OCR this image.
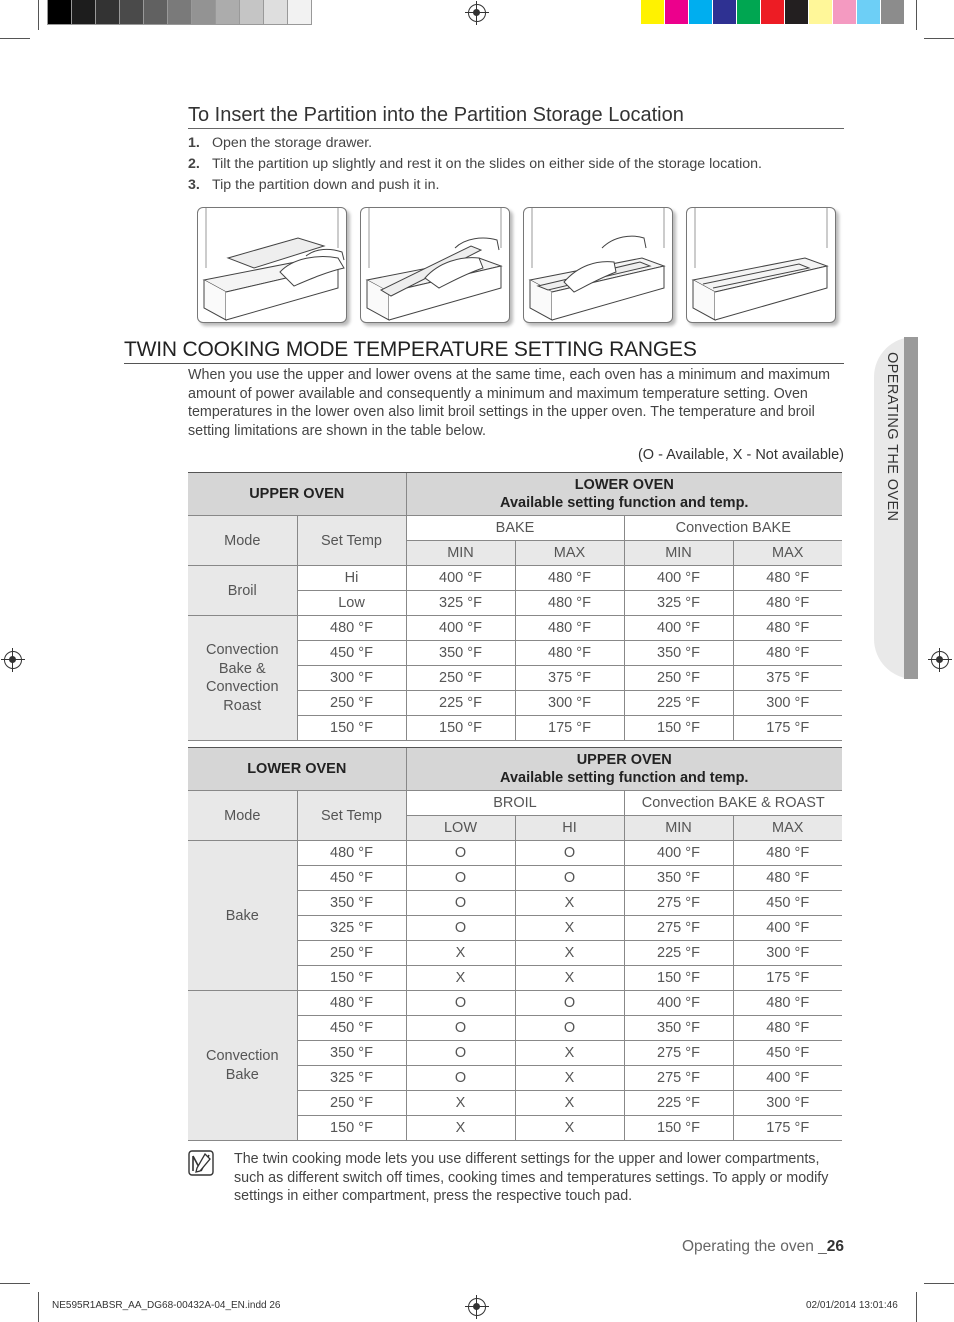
To Insert the Partition into the Partition Storage Location
1. Open the storage drawer.
2. Tilt the partition up slightly and rest it on the slides on either side of the storage location.
3. Tip the partition down and push it in.
TWIN COOKING MODE TEMPERATURE SETTING RANGES

When you use the upper and lower ovens at the same time, each oven has a minimum and maximum amount of power available and consequently a minimum and maximum temperature setting. Oven temperatures in the lower oven also limit broil settings in the upper oven. The temperature and broil setting limitations are shown in the table below.

(O - Available, X - Not available)
UPPER OVEN		LOWER OVEN
Available setting function and temp.			

Mode	Set Temp	BAKE		Convection BAKE	
		MIN	MAX	MIN	MAX
Broil	Hi	400 °F	480 °F	400 °F	480 °F
	Low	325 °F	480 °F	325 °F	480 °F

Convection
Bake &
Convection
Roast	480 °F	400 °F	480 °F	400 °F	480 °F
	450 °F	350 °F	480 °F	350 °F	480 °F
	300 °F	250 °F	375 °F	250 °F	375 °F
	250 °F	225 °F	300 °F	225 °F	300 °F
	150 °F	150 °F	175 °F	150 °F	175 °F
LOWER OVEN		UPPER OVEN
Available setting function and temp.			

Mode	Set Temp	BROIL		Convection BAKE & ROAST	
		LOW	HI	MIN	MAX
Bake	480 °F	O	O	400 °F	480 °F
	450 °F	O	O	350 °F	480 °F
	350 °F	O	X	275 °F	450 °F
	325 °F	O	X	275 °F	400 °F
	250 °F	X	X	225 °F	300 °F
	150 °F	X	X	150 °F	175 °F

Convection
Bake	480 °F	O	O	400 °F	480 °F
	450 °F	O	O	350 °F	480 °F
	350 °F	O	X	275 °F	450 °F
	325 °F	O	X	275 °F	400 °F
	250 °F	X	X	225 °F	300 °F
	150 °F	X	X	150 °F	175 °F
OPERATING THE OVEN

The twin cooking mode lets you use different settings for the upper and lower compartments, such as different switch off times, cooking times and temperatures settings. To apply or modify settings in either compartment, press the respective touch pad.

Operating the oven _26
NE595R1ABSR_AA_DG68-00432A-04_EN.indd 26	02/01/2014 13:01:46
